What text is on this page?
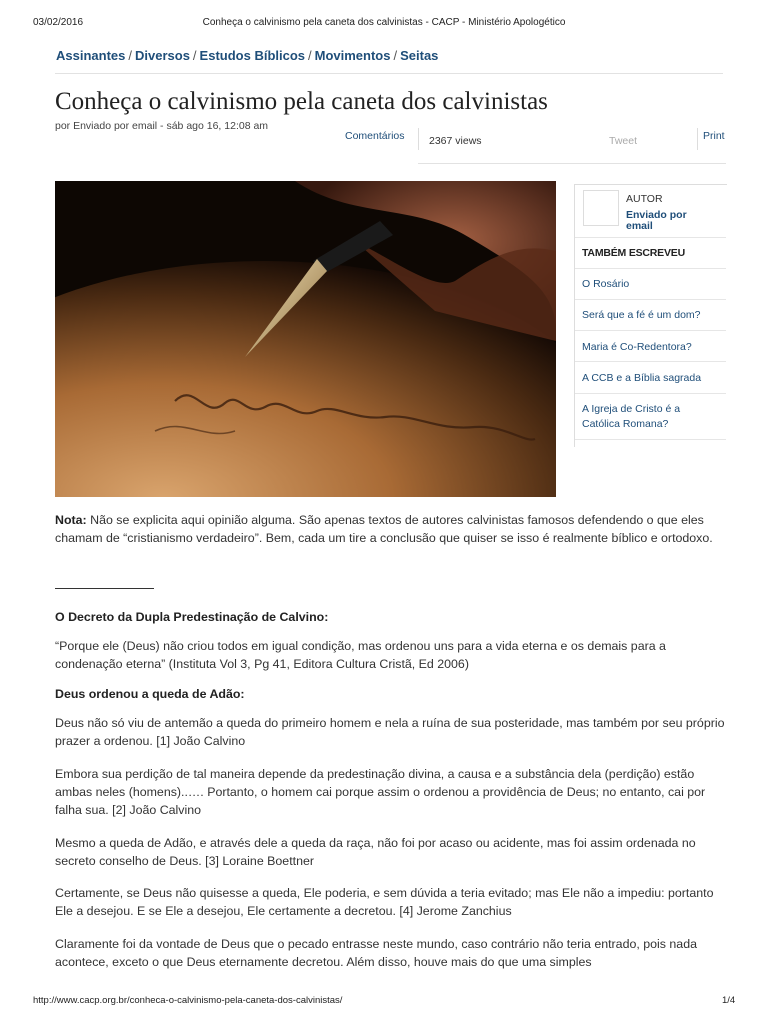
03/02/2016	Conheça o calvinismo pela caneta dos calvinistas - CACP - Ministério Apologético
Assinantes / Diversos / Estudos Bíblicos / Movimentos / Seitas
Conheça o calvinismo pela caneta dos calvinistas
por Enviado por email - sáb ago 16, 12:08 am
Comentários 2367 views	Tweet	Print
AUTOR
Enviado por email
TAMBÉM ESCREVEU
O Rosário
Será que a fé é um dom?
Maria é Co-Redentora?
A CCB e a Bíblia sagrada
A Igreja de Cristo é a Católica Romana?
Nota: Não se explicita aqui opinião alguma. São apenas textos de autores calvinistas famosos defendendo o que eles chamam de “cristianismo verdadeiro”. Bem, cada um tire a conclusão que quiser se isso é realmente bíblico e ortodoxo.
O Decreto da Dupla Predestinação de Calvino:
“Porque ele (Deus) não criou todos em igual condição, mas ordenou uns para a vida eterna e os demais para a condenação eterna” (Instituta Vol 3, Pg 41, Editora Cultura Cristã, Ed 2006)
Deus ordenou a queda de Adão:
Deus não só viu de antemão a queda do primeiro homem e nela a ruína de sua posteridade, mas também por seu próprio prazer a ordenou. [1] João Calvino
Embora sua perdição de tal maneira depende da predestinação divina, a causa e a substância dela (perdição) estão ambas neles (homens)..…. Portanto, o homem cai porque assim o ordenou a providência de Deus; no entanto, cai por falha sua. [2] João Calvino
Mesmo a queda de Adão, e através dele a queda da raça, não foi por acaso ou acidente, mas foi assim ordenada no secreto conselho de Deus. [3] Loraine Boettner
Certamente, se Deus não quisesse a queda, Ele poderia, e sem dúvida a teria evitado; mas Ele não a impediu: portanto Ele a desejou. E se Ele a desejou, Ele certamente a decretou. [4] Jerome Zanchius
Claramente foi da vontade de Deus que o pecado entrasse neste mundo, caso contrário não teria entrado, pois nada acontece, exceto o que Deus eternamente decretou. Além disso, houve mais do que uma simples
http://www.cacp.org.br/conheca-o-calvinismo-pela-caneta-dos-calvinistas/	1/4
